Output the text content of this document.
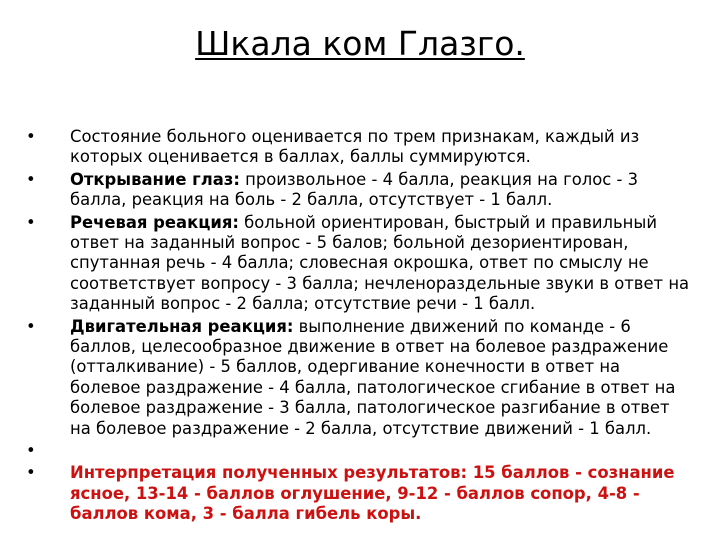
Шкала ком Глазго.
• Состояние больного оценивается по трем признакам, каждый из которых оценивается в баллах, баллы суммируются.
• Открывание глаз: произвольное - 4 балла, реакция на голос - 3 балла, реакция на боль - 2 балла, отсутствует - 1 балл.
• Речевая реакция: больной ориентирован, быстрый и правильный ответ на заданный вопрос - 5 балов; больной дезориентирован, спутанная речь - 4 балла; словесная окрошка, ответ по смыслу не соответствует вопросу - 3 балла; нечленораздельные звуки в ответ на заданный вопрос - 2 балла; отсутствие речи - 1 балл.
• Двигательная реакция: выполнение движений по команде - 6 баллов, целесообразное движение в ответ на болевое раздражение (отталкивание) - 5 баллов, одергивание конечности в ответ на болевое раздражение - 4 балла, патологическое сгибание в ответ на болевое раздражение - 3 балла, патологическое разгибание в ответ на болевое раздражение - 2 балла, отсутствие движений - 1 балл.
•
• Интерпретация полученных результатов: 15 баллов - сознание ясное, 13-14 - баллов оглушение, 9-12 - баллов сопор, 4-8 - баллов кома, 3 - балла гибель коры.
